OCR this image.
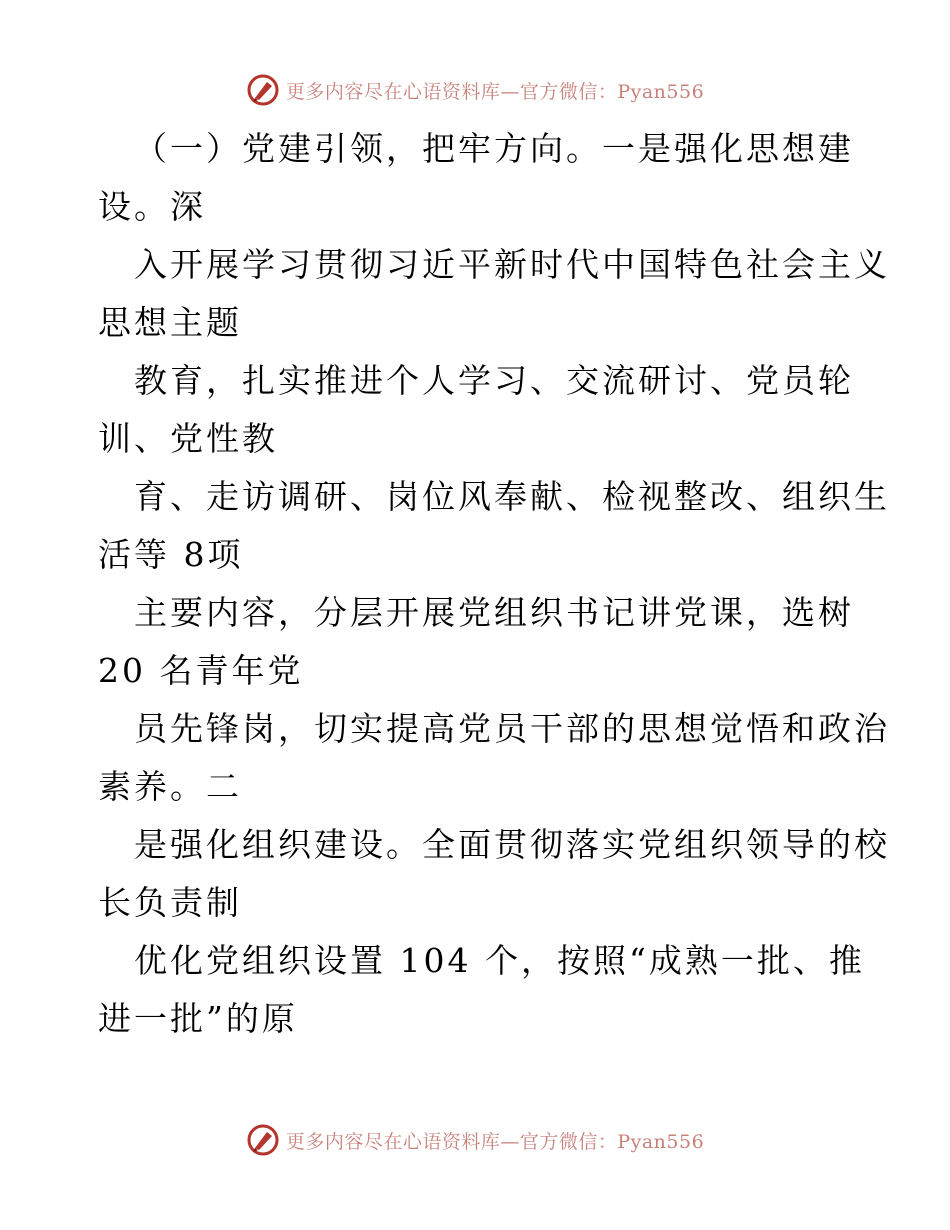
更多内容尽在心语资料库—官方微信：Pyan556
（一）党建引领，把牢方向。一是强化思想建
设。深
入开展学习贯彻习近平新时代中国特色社会主义
思想主题
教育，扎实推进个人学习、交流研讨、党员轮
训、党性教
育、走访调研、岗位风奉献、检视整改、组织生
活等 8项
主要内容，分层开展党组织书记讲党课，选树
20 名青年党
员先锋岗，切实提高党员干部的思想觉悟和政治
素养。二
是强化组织建设。全面贯彻落实党组织领导的校
长负责制
优化党组织设置 104 个，按照“成熟一批、推
进一批”的原
更多内容尽在心语资料库—官方微信：Pyan556
